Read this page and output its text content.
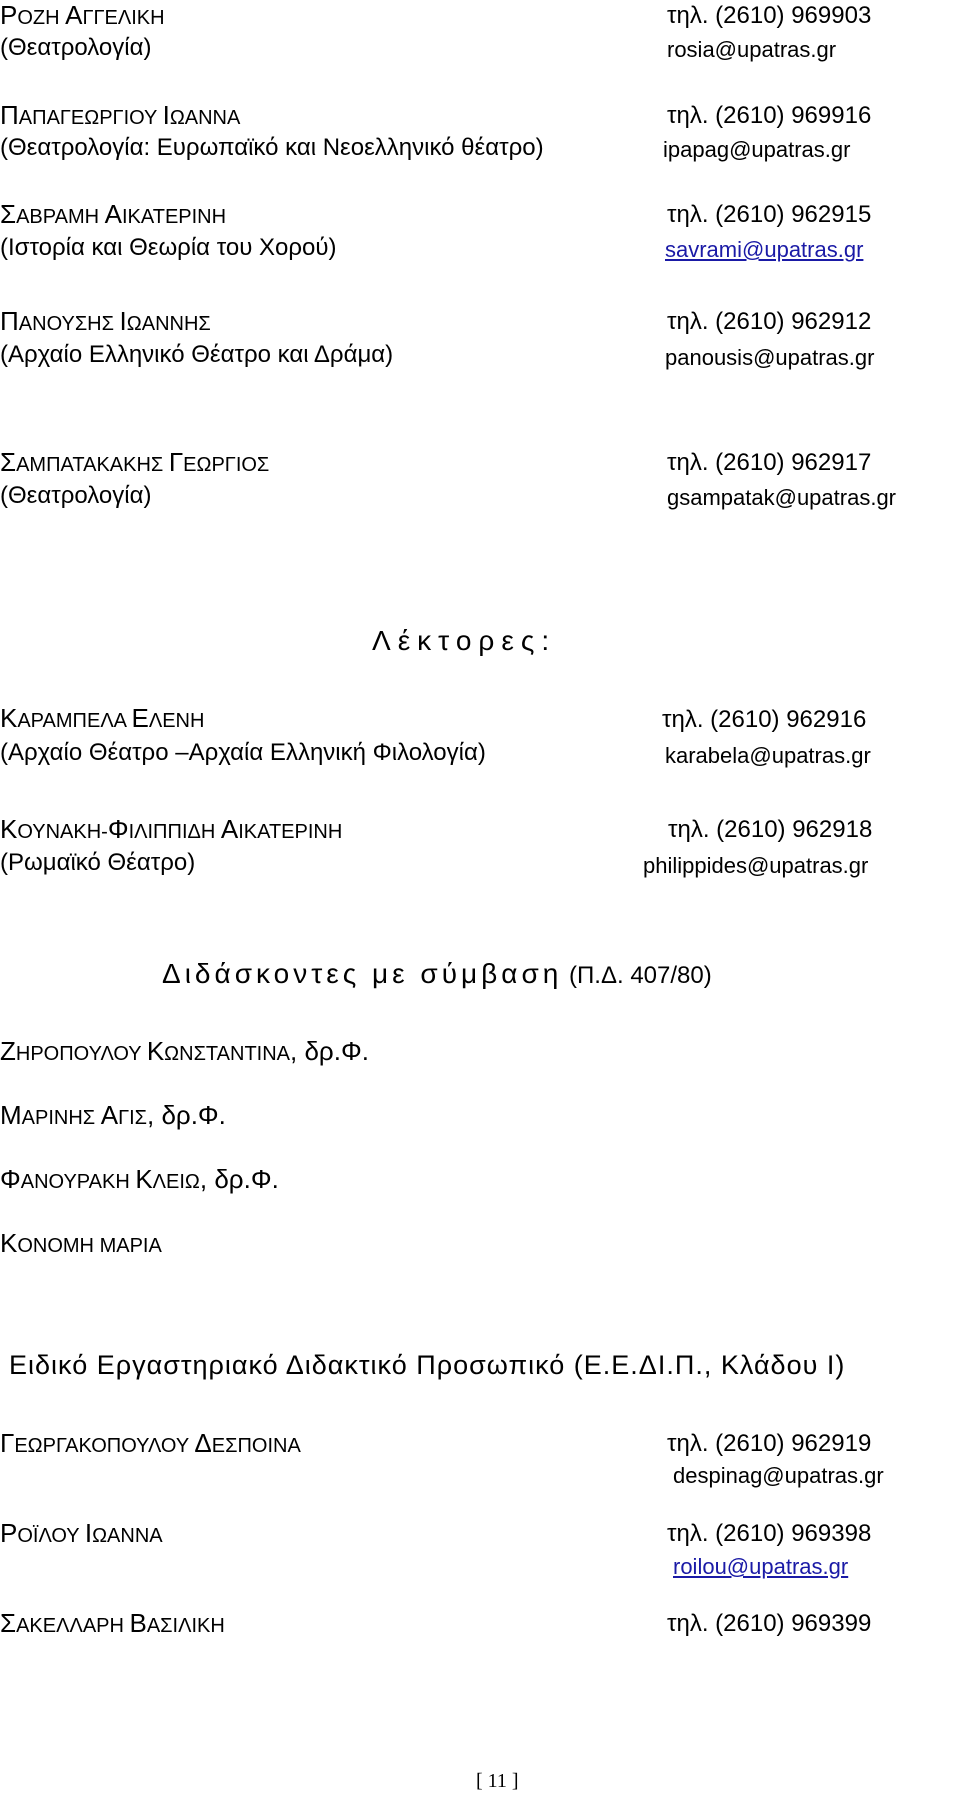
ΡΟΖΗ ΑΓΓΕΛΙΚΗ
(Θεατρολογία)
τηλ. (2610) 969903
rosia@upatras.gr
ΠΑΠΑΓΕΩΡΓΙΟΥ ΙΩΑΝΝΑ
(Θεατρολογία: Ευρωπαϊκό και Νεοελληνικό θέατρο)
τηλ. (2610) 969916
ipapag@upatras.gr
ΣΑΒΡΑΜΗ ΑΙΚΑΤΕΡΙΝΗ
(Ιστορία και Θεωρία του Χορού)
τηλ. (2610) 962915
savrami@upatras.gr
ΠΑΝΟΥΣΗΣ ΙΩΑΝΝΗΣ
(Αρχαίο Ελληνικό Θέατρο και Δράμα)
τηλ. (2610) 962912
panousis@upatras.gr
ΣΑΜΠΑΤΑΚΑΚΗΣ ΓΕΩΡΓΙΟΣ
(Θεατρολογία)
τηλ. (2610) 962917
gsampatak@upatras.gr
Λέκτορες:
ΚΑΡΑΜΠΕΛΑ ΕΛΕΝΗ
(Αρχαίο Θέατρο –Αρχαία Ελληνική Φιλολογία)
τηλ. (2610) 962916
karabela@upatras.gr
ΚΟΥΝΑΚΗ-ΦΙΛΙΠΠΙΔΗ ΑΙΚΑΤΕΡΙΝΗ
(Ρωμαϊκό Θέατρο)
τηλ. (2610) 962918
philippides@upatras.gr
Διδάσκοντες με σύμβαση (Π.Δ. 407/80)
ΖΗΡΟΠΟΥΛΟΥ ΚΩΝΣΤΑΝΤΙΝΑ, δρ.Φ.
ΜΑΡΙΝΗΣ ΑΓΙΣ, δρ.Φ.
ΦΑΝΟΥΡΑΚΗ ΚΛΕΙΩ, δρ.Φ.
ΚΟΝΟΜΗ ΜΑΡΙΑ
Ειδικό Εργαστηριακό Διδακτικό Προσωπικό (Ε.Ε.ΔΙ.Π., Κλάδου Ι)
ΓΕΩΡΓΑΚΟΠΟΥΛΟΥ ΔΕΣΠΟΙΝΑ	τηλ. (2610) 962919
despinag@upatras.gr
ΡΟΪΛΟΥ ΙΩΑΝΝΑ	τηλ. (2610) 969398
roilou@upatras.gr
ΣΑΚΕΛΛΑΡΗ ΒΑΣΙΛΙΚΗ	τηλ. (2610) 969399
[ 11 ]
